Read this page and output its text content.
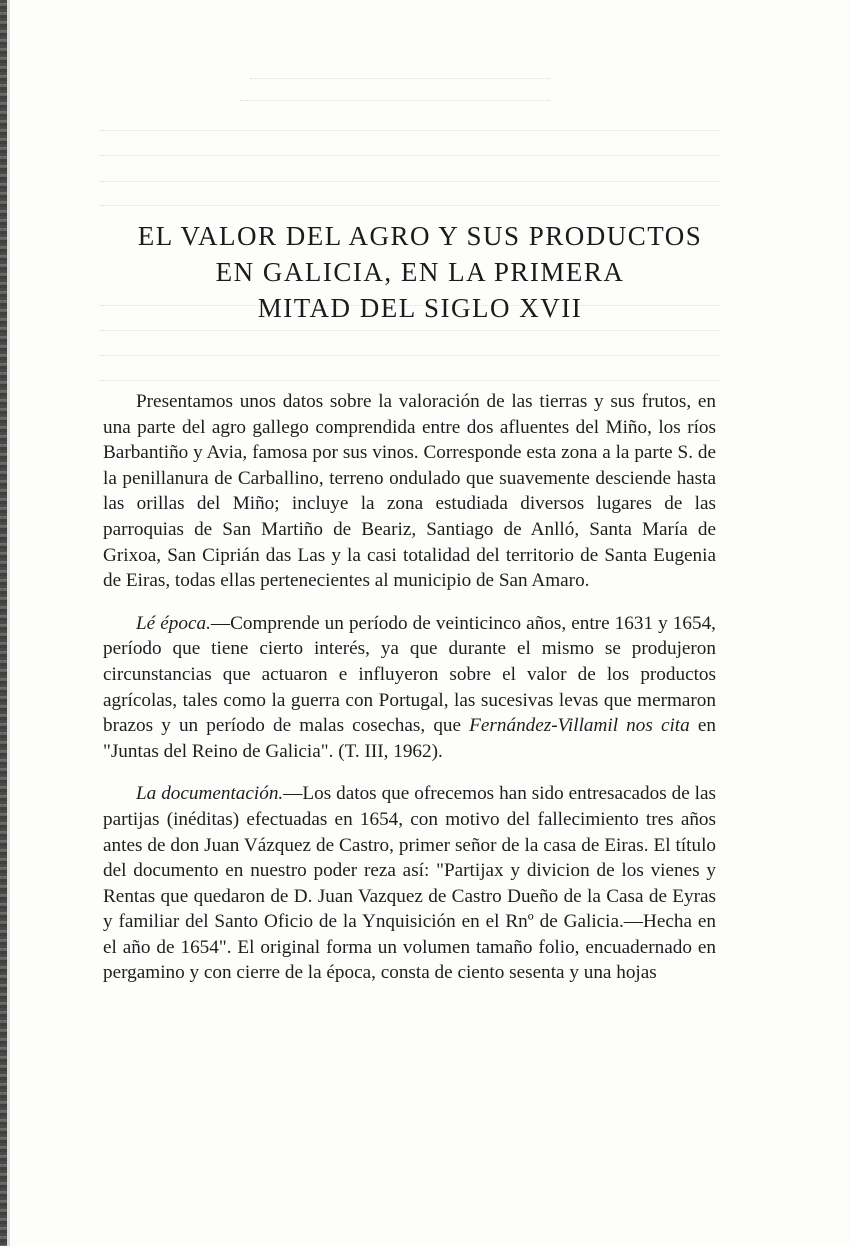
EL VALOR DEL AGRO Y SUS PRODUCTOS
EN GALICIA, EN LA PRIMERA
MITAD DEL SIGLO XVII

Presentamos unos datos sobre la valoración de las tierras y sus frutos, en una parte del agro gallego comprendida entre dos afluentes del Miño, los ríos Barbantiño y Avia, famosa por sus vinos. Corresponde esta zona a la parte S. de la penillanura de Carballino, terreno ondulado que suavemente desciende hasta las orillas del Miño; incluye la zona estudiada diversos lugares de las parroquias de San Martiño de Beariz, Santiago de Anlló, Santa María de Grixoa, San Ciprián das Las y la casi totalidad del territorio de Santa Eugenia de Eiras, todas ellas pertenecientes al municipio de San Amaro.

Lé época.—Comprende un período de veinticinco años, entre 1631 y 1654, período que tiene cierto interés, ya que durante el mismo se produjeron circunstancias que actuaron e influyeron sobre el valor de los productos agrícolas, tales como la guerra con Portugal, las sucesivas levas que mermaron brazos y un período de malas cosechas, que Fernández-Villamil nos cita en "Juntas del Reino de Galicia". (T. III, 1962).

La documentación.—Los datos que ofrecemos han sido entresacados de las partijas (inéditas) efectuadas en 1654, con motivo del fallecimiento tres años antes de don Juan Vázquez de Castro, primer señor de la casa de Eiras. El título del documento en nuestro poder reza así: "Partijax y divicion de los vienes y Rentas que quedaron de D. Juan Vazquez de Castro Dueño de la Casa de Eyras y familiar del Santo Oficio de la Ynquisición en el Rnº de Galicia.—Hecha en el año de 1654". El original forma un volumen tamaño folio, encuadernado en pergamino y con cierre de la época, consta de ciento sesenta y una hojas
